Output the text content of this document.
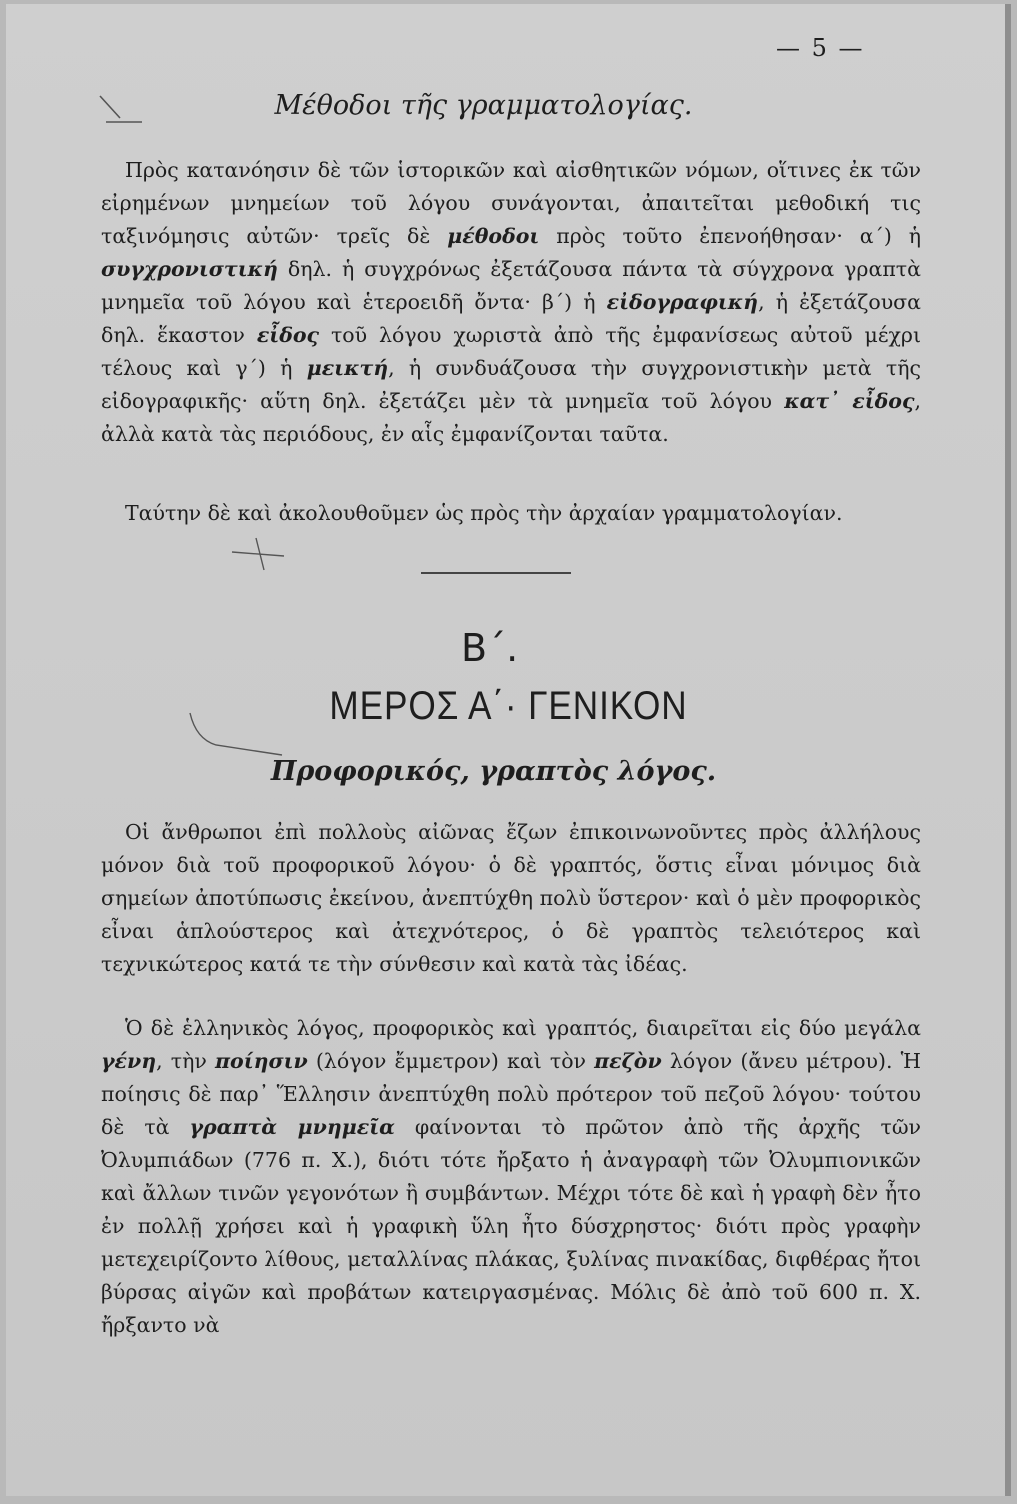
— 5 —
Μέθοδοι τῆς γραμματολογίας.

Πρὸς κατανόησιν δὲ τῶν ἱστορικῶν καὶ αἰσθητικῶν νόμων, οἵτινες ἐκ τῶν εἰρημένων μνημείων τοῦ λόγου συνάγονται, ἀπαιτεῖται μεθοδική τις ταξινόμησις αὐτῶν· τρεῖς δὲ μέθοδοι πρὸς τοῦτο ἐπενοήθησαν· α΄) ἡ συγχρονιστική δηλ. ἡ συγχρόνως ἐξετάζουσα πάντα τὰ σύγχρονα γραπτὰ μνημεῖα τοῦ λόγου καὶ ἑτεροειδῆ ὄντα· β΄) ἡ εἰδογραφική, ἡ ἐξετάζουσα δηλ. ἕκαστον εἶδος τοῦ λόγου χωριστὰ ἀπὸ τῆς ἐμφανίσεως αὐτοῦ μέχρι τέλους καὶ γ΄) ἡ μεικτή, ἡ συνδυάζουσα τὴν συγχρονιστικὴν μετὰ τῆς εἰδογραφικῆς· αὕτη δηλ. ἐξετάζει μὲν τὰ μνημεῖα τοῦ λόγου κατ᾽ εἶδος, ἀλλὰ κατὰ τὰς περιόδους, ἐν αἷς ἐμφανίζονται ταῦτα.

Ταύτην δὲ καὶ ἀκολουθοῦμεν ὡς πρὸς τὴν ἀρχαίαν γραμματολογίαν.

Β΄.
ΜΕΡΟΣ Α΄· ΓΕΝΙΚΟΝ
Προφορικός, γραπτὸς λόγος.

Οἱ ἄνθρωποι ἐπὶ πολλοὺς αἰῶνας ἔζων ἐπικοινωνοῦντες πρὸς ἀλλήλους μόνον διὰ τοῦ προφορικοῦ λόγου· ὁ δὲ γραπτός, ὅστις εἶναι μόνιμος διὰ σημείων ἀποτύπωσις ἐκείνου, ἀνεπτύχθη πολὺ ὕστερον· καὶ ὁ μὲν προφορικὸς εἶναι ἁπλούστερος καὶ ἀτεχνότερος, ὁ δὲ γραπτὸς τελειότερος καὶ τεχνικώτερος κατά τε τὴν σύνθεσιν καὶ κατὰ τὰς ἰδέας.

Ὁ δὲ ἑλληνικὸς λόγος, προφορικὸς καὶ γραπτός, διαιρεῖται εἰς δύο μεγάλα γένη, τὴν ποίησιν (λόγον ἔμμετρον) καὶ τὸν πεζὸν λόγον (ἄνευ μέτρου). Ἡ ποίησις δὲ παρ᾽ Ἕλλησιν ἀνεπτύχθη πολὺ πρότερον τοῦ πεζοῦ λόγου· τούτου δὲ τὰ γραπτὰ μνημεῖα φαίνονται τὸ πρῶτον ἀπὸ τῆς ἀρχῆς τῶν Ὀλυμπιάδων (776 π. Χ.), διότι τότε ἤρξατο ἡ ἀναγραφὴ τῶν Ὀλυμπιονικῶν καὶ ἄλλων τινῶν γεγονότων ἢ συμβάντων. Μέχρι τότε δὲ καὶ ἡ γραφὴ δὲν ἦτο ἐν πολλῇ χρήσει καὶ ἡ γραφικὴ ὕλη ἦτο δύσχρηστος· διότι πρὸς γραφὴν μετεχειρίζοντο λίθους, μεταλλίνας πλάκας, ξυλίνας πινακίδας, διφθέρας ἤτοι βύρσας αἰγῶν καὶ προβάτων κατειργασμένας. Μόλις δὲ ἀπὸ τοῦ 600 π. Χ. ἤρξαντο νὰ
